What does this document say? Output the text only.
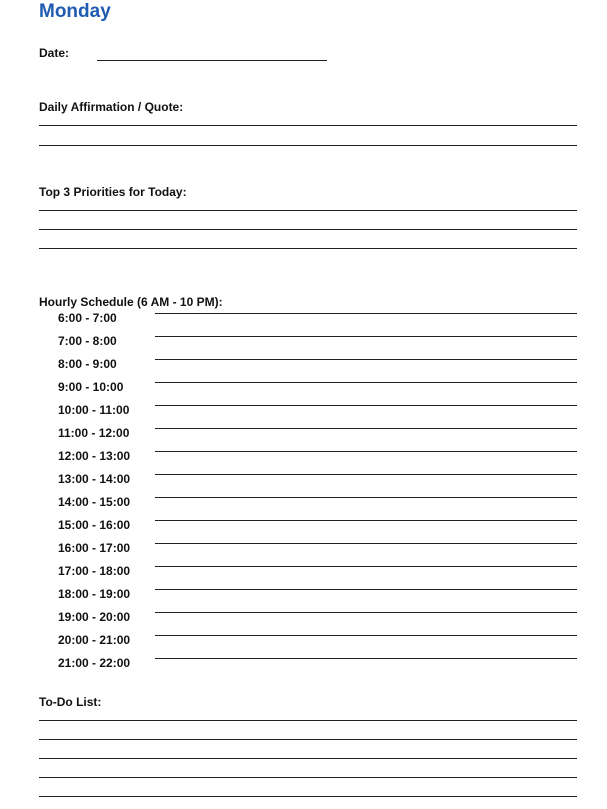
Monday
Date:
Daily Affirmation / Quote:
Top 3 Priorities for Today:
Hourly Schedule (6 AM - 10 PM):
6:00 - 7:00
7:00 - 8:00
8:00 - 9:00
9:00 - 10:00
10:00 - 11:00
11:00 - 12:00
12:00 - 13:00
13:00 - 14:00
14:00 - 15:00
15:00 - 16:00
16:00 - 17:00
17:00 - 18:00
18:00 - 19:00
19:00 - 20:00
20:00 - 21:00
21:00 - 22:00
To-Do List:
